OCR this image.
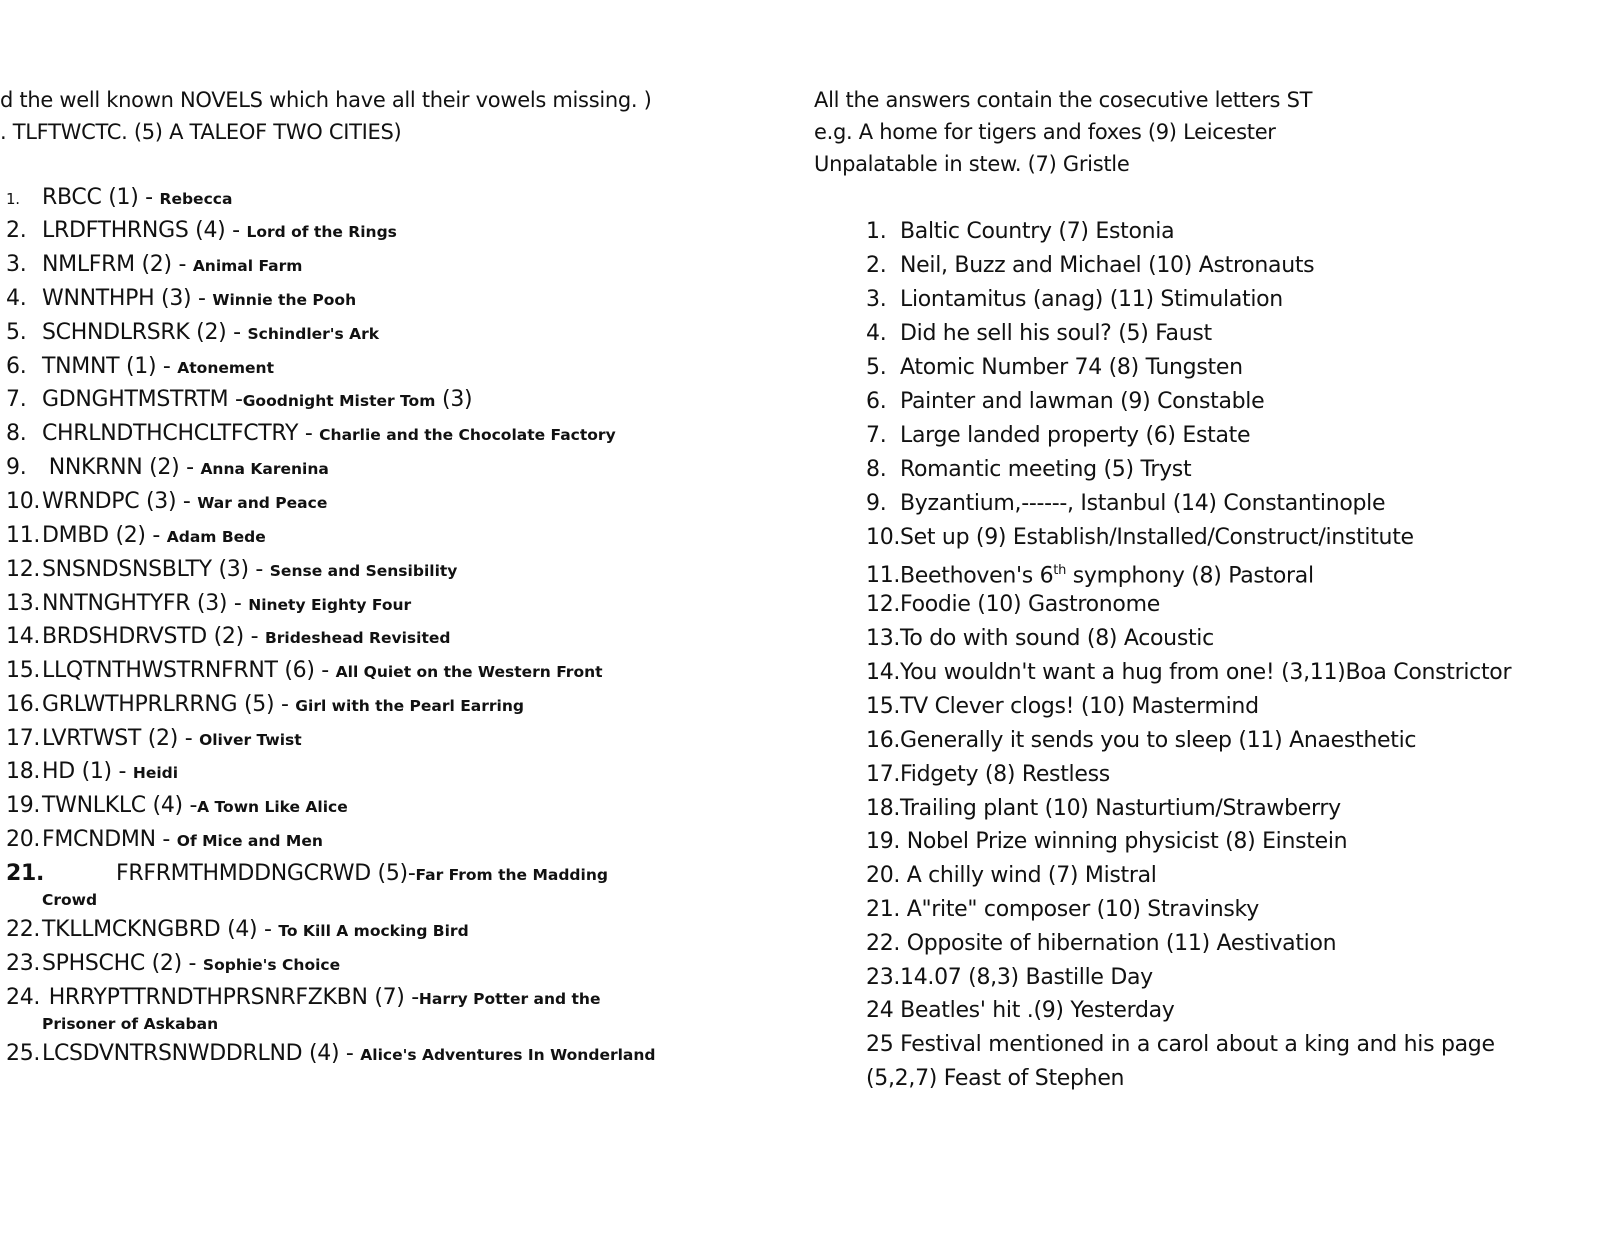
d the well known NOVELS which have all their vowels missing. )
. TLFTWCTC. (5) A TALEOF TWO CITIES)
1. RBCC (1) - Rebecca
2. LRDFTHRNGS (4) - Lord of the Rings
3. NMLFRM (2) - Animal Farm
4. WNNTHPH (3) - Winnie the Pooh
5. SCHNDLRSRK (2) - Schindler's Ark
6. TNMNT (1) - Atonement
7. GDNGHTMSTRTM -Goodnight Mister Tom (3)
8. CHRLNDTHCHCLTFCTRY - Charlie and the Chocolate Factory
9. NNKRNN (2) - Anna Karenina
10.WRNDPC (3) - War and Peace
11.DMBD (2) - Adam Bede
12.SNSNDSNSBLTY (3) - Sense and Sensibility
13.NNTNGHTYFR (3) - Ninety Eighty Four
14.BRDSHDRVSTD (2) - Brideshead Revisited
15.LLQTNTHWSTRNFRNT (6) - All Quiet on the Western Front
16.GRLWTHPRLRRNG (5) - Girl with the Pearl Earring
17.LVRTWST (2) - Oliver Twist
18.HD (1) - Heidi
19.TWNLKLC (4) -A Town Like Alice
20.FMCNDMN - Of Mice and Men
21.	FRFRMTHMDDNGCRWD (5)-Far From the Madding
Crowd
22.TKLLMCKNGBRD (4) - To Kill A mocking Bird
23.SPHSCHC (2) - Sophie's Choice
24. HRRYPTTRNDTHPRSNRFZKBN (7) -Harry Potter and the
Prisoner of Askaban
25.LCSDVNTRSNWDDRLND (4) - Alice's Adventures In Wonderland
All the answers contain the cosecutive letters ST
e.g. A home for tigers and foxes (9) Leicester
Unpalatable in stew. (7) Gristle
1. Baltic Country (7) Estonia
2. Neil, Buzz and Michael (10) Astronauts
3. Liontamitus (anag) (11) Stimulation
4. Did he sell his soul? (5) Faust
5. Atomic Number 74 (8) Tungsten
6. Painter and lawman (9) Constable
7. Large landed property (6) Estate
8. Romantic meeting (5) Tryst
9. Byzantium,------, Istanbul (14) Constantinople
10.Set up (9) Establish/Installed/Construct/institute
11.Beethoven's 6th symphony (8) Pastoral
12.Foodie (10) Gastronome
13.To do with sound (8) Acoustic
14.You wouldn't want a hug from one! (3,11)Boa Constrictor
15.TV Clever clogs! (10) Mastermind
16.Generally it sends you to sleep (11) Anaesthetic
17.Fidgety (8) Restless
18.Trailing plant (10) Nasturtium/Strawberry
19. Nobel Prize winning physicist (8) Einstein
20. A chilly wind (7) Mistral
21. A"rite" composer (10) Stravinsky
22. Opposite of hibernation (11) Aestivation
23.14.07 (8,3) Bastille Day
24 Beatles' hit .(9) Yesterday
25 Festival mentioned in a carol about a king and his page
(5,2,7) Feast of Stephen
